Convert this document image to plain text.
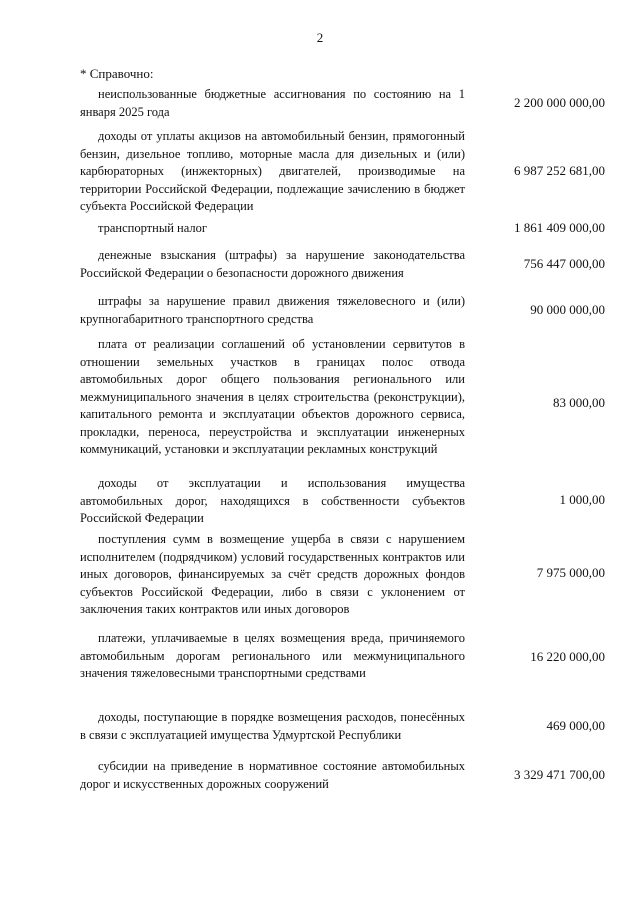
2
* Справочно:
неиспользованные бюджетные ассигнования по состоянию на 1 января 2025 года
2 200 000 000,00
доходы от уплаты акцизов на автомобильный бензин, прямогонный бензин, дизельное топливо, моторные масла для дизельных и (или) карбюраторных (инжекторных) двигателей, производимые на территории Российской Федерации, подлежащие зачислению в бюджет субъекта Российской Федерации
6 987 252 681,00
транспортный налог	1 861 409 000,00
денежные взыскания (штрафы) за нарушение законодательства Российской Федерации о безопасности дорожного движения
756 447 000,00
штрафы за нарушение правил движения тяжеловесного и (или) крупногабаритного транспортного средства
90 000 000,00
плата от реализации соглашений об установлении сервитутов в отношении земельных участков в границах полос отвода автомобильных дорог общего пользования регионального или межмуниципального значения в целях строительства (реконструкции), капитального ремонта и эксплуатации объектов дорожного сервиса, прокладки, переноса, переустройства и эксплуатации инженерных коммуникаций, установки и эксплуатации рекламных конструкций
83 000,00
доходы от эксплуатации и использования имущества автомобильных дорог, находящихся в собственности субъектов Российской Федерации
1 000,00
поступления сумм в возмещение ущерба в связи с нарушением исполнителем (подрядчиком) условий государственных контрактов или иных договоров, финансируемых за счёт средств дорожных фондов субъектов Российской Федерации, либо в связи с уклонением от заключения таких контрактов или иных договоров
7 975 000,00
платежи, уплачиваемые в целях возмещения вреда, причиняемого автомобильным дорогам регионального или межмуниципального значения тяжеловесными транспортными средствами
16 220 000,00
доходы, поступающие в порядке возмещения расходов, понесённых в связи с эксплуатацией имущества Удмуртской Республики
469 000,00
субсидии на приведение в нормативное состояние автомобильных дорог и искусственных дорожных сооружений
3 329 471 700,00
